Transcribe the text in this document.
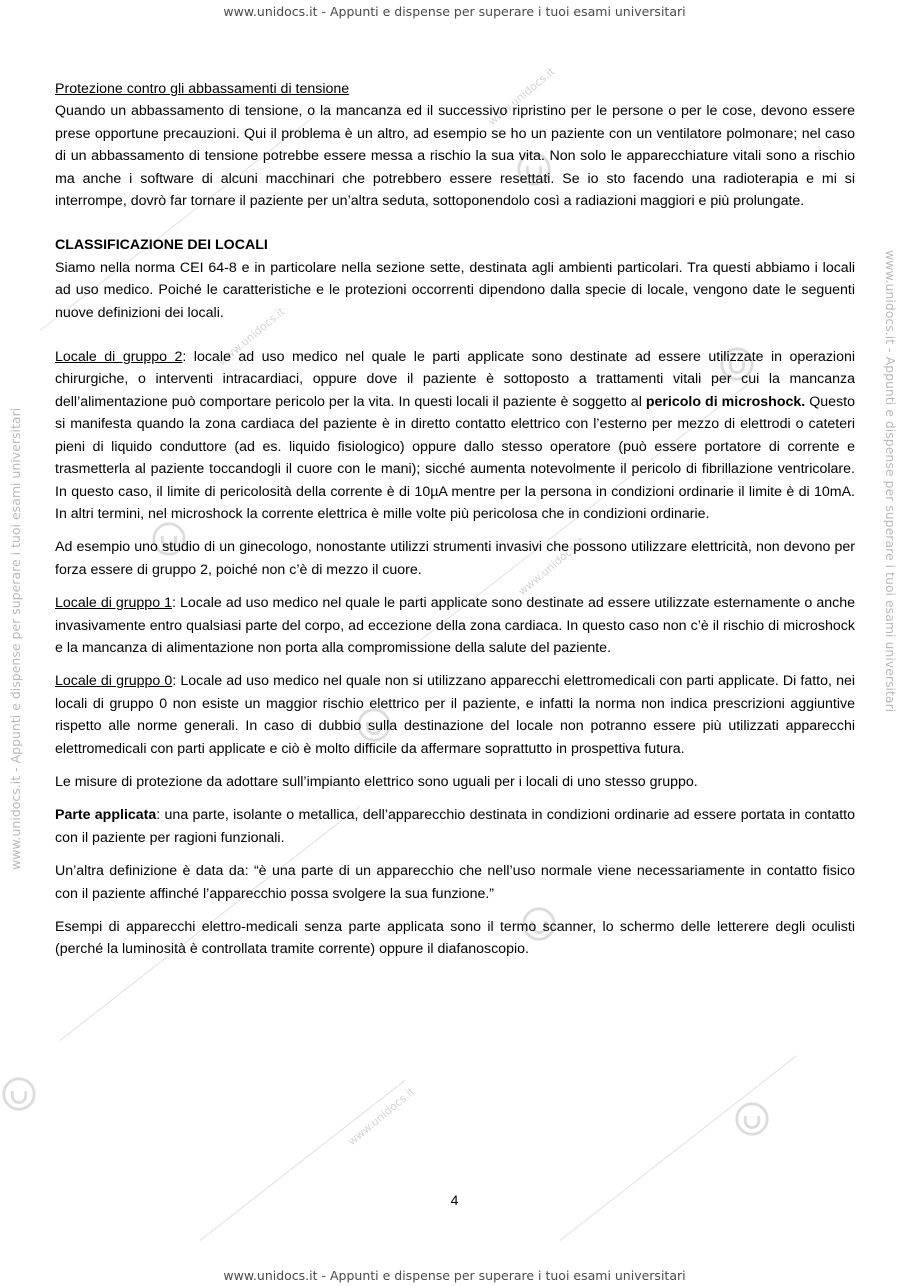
www.unidocs.it
www.unidocs.it
www.unidocs.it
www.unidocs.it
www.unidocs.it - Appunti e dispense per superare i tuoi esami universitari
www.unidocs.it - Appunti e dispense per superare i tuoi esami universitari
www.unidocs.it - Appunti e dispense per superare i tuoi esami universitari	www.unidocs.it - Appunti e dispense per superare i tuoi esami universitari

Protezione contro gli abbassamenti di tensione
Quando un abbassamento di tensione, o la mancanza ed il successivo ripristino per le persone o per le cose, devono essere prese opportune precauzioni. Qui il problema è un altro, ad esempio se ho un paziente con un ventilatore polmonare; nel caso di un abbassamento di tensione potrebbe essere messa a rischio la sua vita. Non solo le apparecchiature vitali sono a rischio ma anche i software di alcuni macchinari che potrebbero essere resettati. Se io sto facendo una radioterapia e mi si interrompe, dovrò far tornare il paziente per un’altra seduta, sottoponendolo così a radiazioni maggiori e più prolungate.

CLASSIFICAZIONE DEI LOCALI
Siamo nella norma CEI 64-8 e in particolare nella sezione sette, destinata agli ambienti particolari. Tra questi abbiamo i locali ad uso medico. Poiché le caratteristiche e le protezioni occorrenti dipendono dalla specie di locale, vengono date le seguenti nuove definizioni dei locali.

Locale di gruppo 2: locale ad uso medico nel quale le parti applicate sono destinate ad essere utilizzate in operazioni chirurgiche, o interventi intracardiaci, oppure dove il paziente è sottoposto a trattamenti vitali per cui la mancanza dell’alimentazione può comportare pericolo per la vita. In questi locali il paziente è soggetto al pericolo di microshock. Questo si manifesta quando la zona cardiaca del paziente è in diretto contatto elettrico con l’esterno per mezzo di elettrodi o cateteri pieni di liquido conduttore (ad es. liquido fisiologico) oppure dallo stesso operatore (può essere portatore di corrente e trasmetterla al paziente toccandogli il cuore con le mani); sicché aumenta notevolmente il pericolo di fibrillazione ventricolare. In questo caso, il limite di pericolosità della corrente è di 10µA mentre per la persona in condizioni ordinarie il limite è di 10mA. In altri termini, nel microshock la corrente elettrica è mille volte più pericolosa che in condizioni ordinarie.

Ad esempio uno studio di un ginecologo, nonostante utilizzi strumenti invasivi che possono utilizzare elettricità, non devono per forza essere di gruppo 2, poiché non c’è di mezzo il cuore.

Locale di gruppo 1: Locale ad uso medico nel quale le parti applicate sono destinate ad essere utilizzate esternamente o anche invasivamente entro qualsiasi parte del corpo, ad eccezione della zona cardiaca. In questo caso non c’è il rischio di microshock e la mancanza di alimentazione non porta alla compromissione della salute del paziente.

Locale di gruppo 0: Locale ad uso medico nel quale non si utilizzano apparecchi elettromedicali con parti applicate. Di fatto, nei locali di gruppo 0 non esiste un maggior rischio elettrico per il paziente, e infatti la norma non indica prescrizioni aggiuntive rispetto alle norme generali. In caso di dubbio sulla destinazione del locale non potranno essere più utilizzati apparecchi elettromedicali con parti applicate e ciò è molto difficile da affermare soprattutto in prospettiva futura.

Le misure di protezione da adottare sull’impianto elettrico sono uguali per i locali di uno stesso gruppo.

Parte applicata: una parte, isolante o metallica, dell’apparecchio destinata in condizioni ordinarie ad essere portata in contatto con il paziente per ragioni funzionali.

Un’altra definizione è data da: “è una parte di un apparecchio che nell’uso normale viene necessariamente in contatto fisico con il paziente affinché l’apparecchio possa svolgere la sua funzione.”

Esempi di apparecchi elettro-medicali senza parte applicata sono il termo scanner, lo schermo delle letterere degli oculisti (perché la luminosità è controllata tramite corrente) oppure il diafanoscopio.

4
